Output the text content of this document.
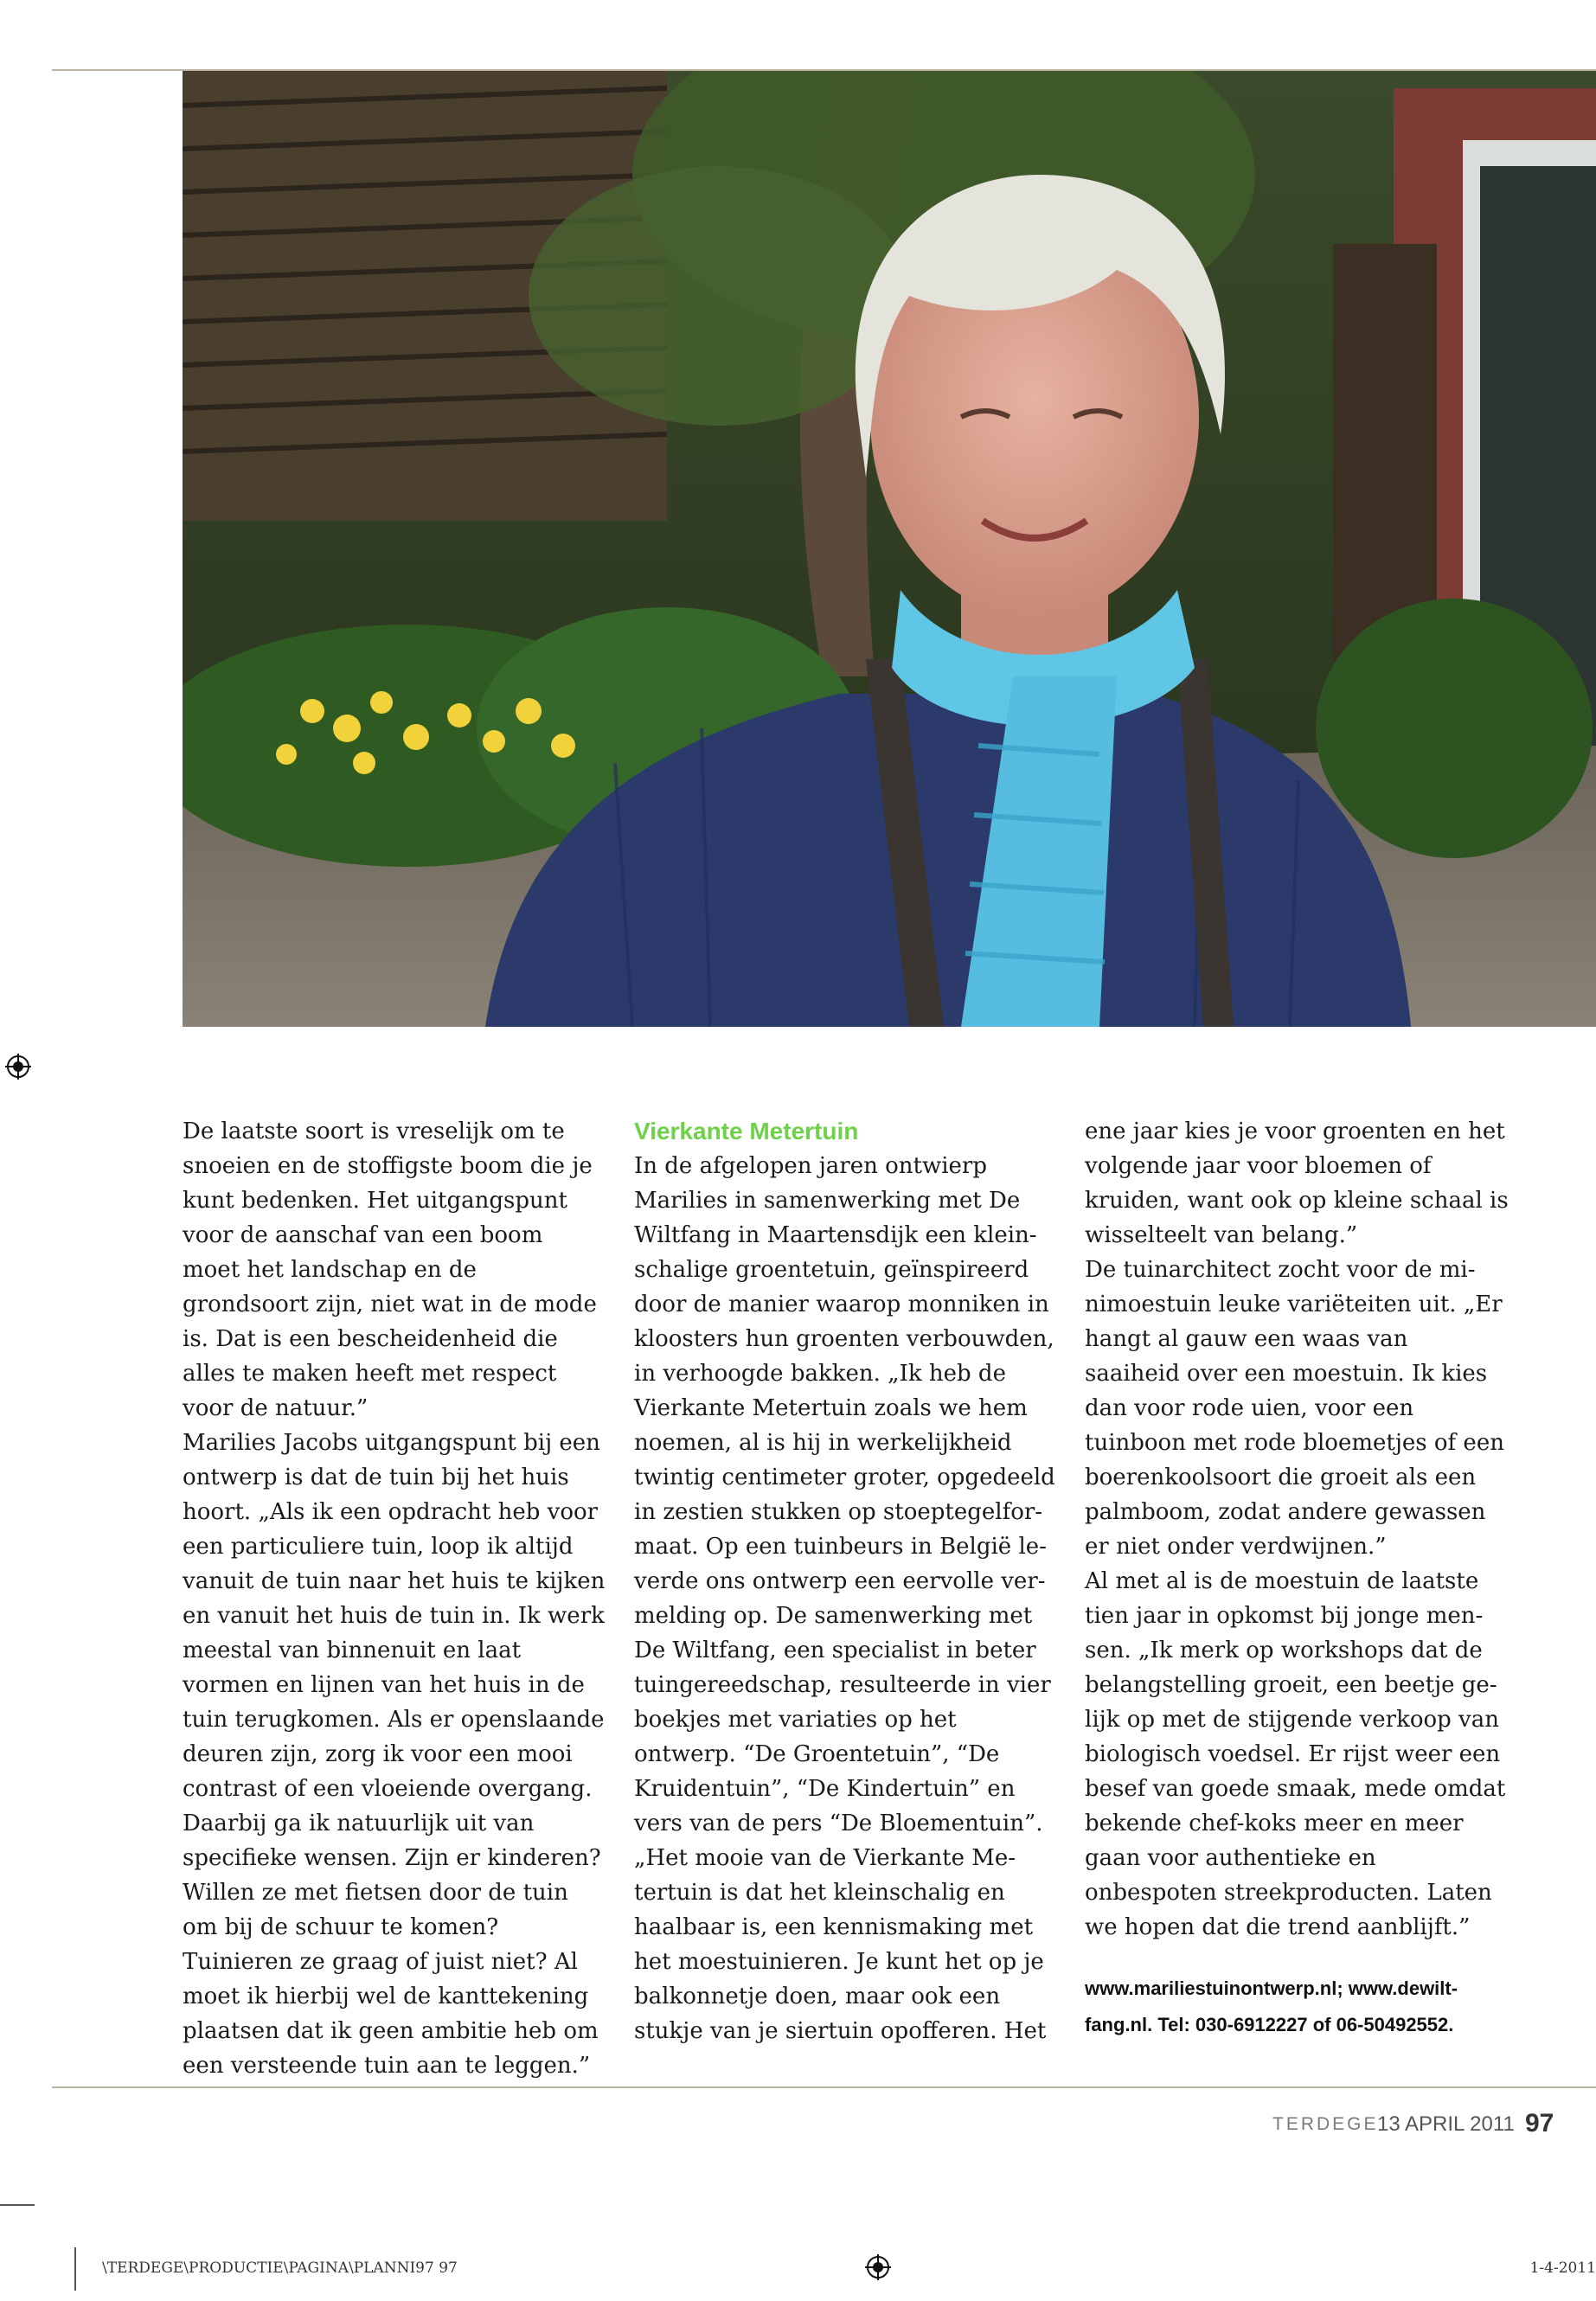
De laatste soort is vreselijk om te snoeien en de stoffigste boom die je kunt bedenken. Het uitgangspunt voor de aanschaf van een boom moet het landschap en de grondsoort zijn, niet wat in de mode is. Dat is een bescheidenheid die alles te maken heeft met respect voor de natuur.”

Marilies Jacobs uitgangspunt bij een ontwerp is dat de tuin bij het huis hoort. „Als ik een opdracht heb voor een particuliere tuin, loop ik altijd vanuit de tuin naar het huis te kijken en vanuit het huis de tuin in. Ik werk meestal van binnenuit en laat vormen en lijnen van het huis in de tuin terugkomen. Als er openslaande deuren zijn, zorg ik voor een mooi contrast of een vloeiende overgang. Daarbij ga ik natuurlijk uit van specifieke wensen. Zijn er kinderen? Willen ze met fietsen door de tuin om bij de schuur te komen? Tuinieren ze graag of juist niet? Al moet ik hierbij wel de kanttekening plaatsen dat ik geen ambitie heb om een versteende tuin aan te leggen.”

Vierkante Metertuin

In de afgelopen jaren ontwierp Marilies in samenwerking met De Wiltfang in Maartensdijk een kleinschalige groentetuin, geïnspireerd door de manier waarop monniken in kloosters hun groenten verbouwden, in verhoogde bakken. „Ik heb de Vierkante Metertuin zoals we hem noemen, al is hij in werkelijkheid twintig centimeter groter, opgedeeld in zestien stukken op stoeptegelformaat. Op een tuinbeurs in België leverde ons ontwerp een eervolle vermelding op. De samenwerking met De Wiltfang, een specialist in beter tuingereedschap, resulteerde in vier boekjes met variaties op het ontwerp. “De Groentetuin”, “De Kruidentuin”, “De Kindertuin” en vers van de pers “De Bloementuin”.

„Het mooie van de Vierkante Metertuin is dat het kleinschalig en haalbaar is, een kennismaking met het moestuinieren. Je kunt het op je balkonnetje doen, maar ook een stukje van je siertuin opofferen. Het

ene jaar kies je voor groenten en het volgende jaar voor bloemen of kruiden, want ook op kleine schaal is wisselteelt van belang.”

De tuinarchitect zocht voor de minimoestuin leuke variëteiten uit. „Er hangt al gauw een waas van saaiheid over een moestuin. Ik kies dan voor rode uien, voor een tuinboon met rode bloemetjes of een boerenkoolsoort die groeit als een palmboom, zodat andere gewassen er niet onder verdwijnen.”

Al met al is de moestuin de laatste tien jaar in opkomst bij jonge mensen. „Ik merk op workshops dat de belangstelling groeit, een beetje gelijk op met de stijgende verkoop van biologisch voedsel. Er rijst weer een besef van goede smaak, mede omdat bekende chef-koks meer en meer gaan voor authentieke en onbespoten streekproducten. Laten we hopen dat die trend aanblijft.”

www.mariliestuinontwerp.nl; www.dewiltfang.nl. Tel: 030-6912227 of 06-50492552.
TERDEGE
13 APRIL 2011 97
\TERDEGE\PRODUCTIE\PAGINA\PLANNI97 97	1-4-2011
